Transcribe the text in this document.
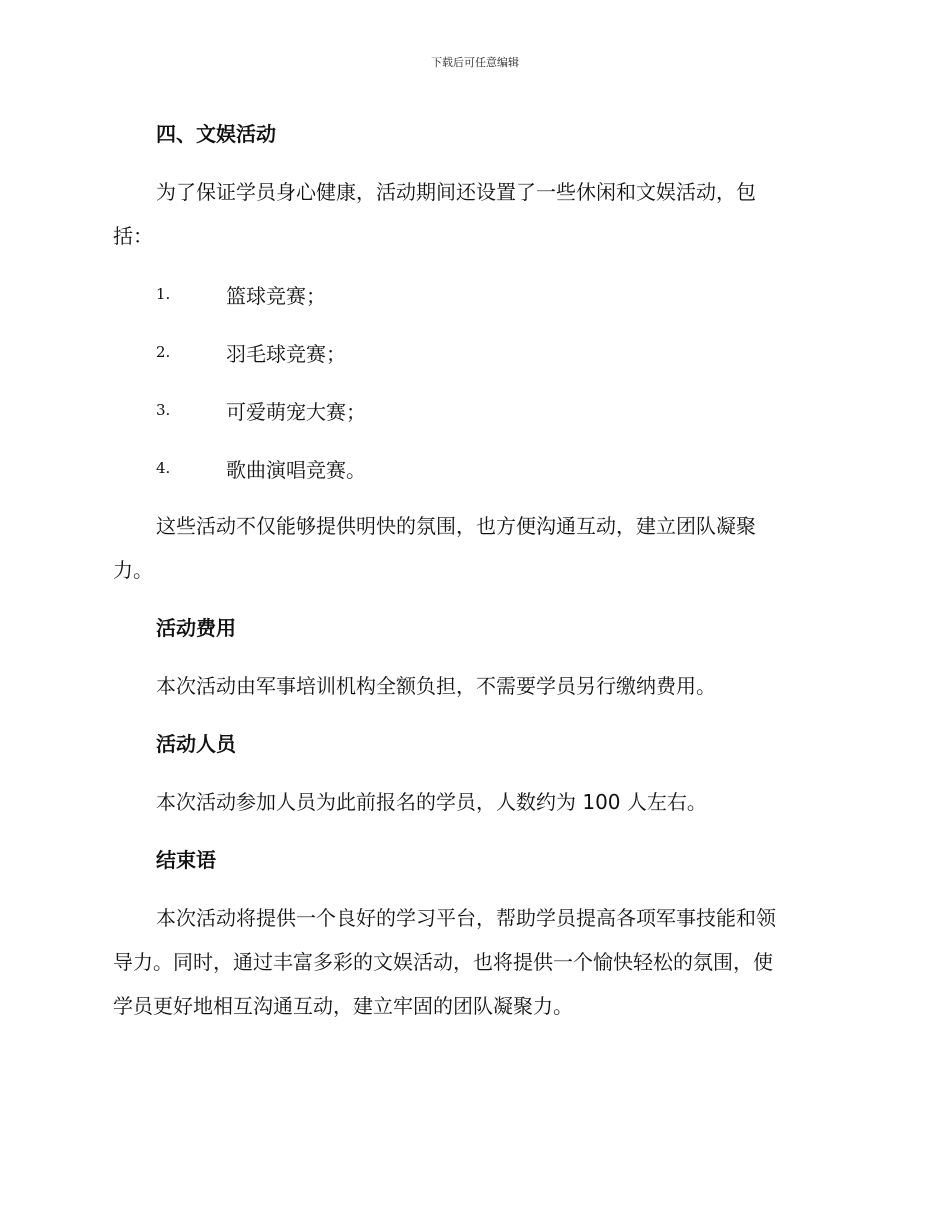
下载后可任意编辑

四、文娱活动

为了保证学员身心健康，活动期间还设置了一些休闲和文娱活动，包

括：

1.	篮球竞赛；
2.	羽毛球竞赛；
3.	可爱萌宠大赛；
4.	歌曲演唱竞赛。

这些活动不仅能够提供明快的氛围，也方便沟通互动，建立团队凝聚

力。

活动费用

本次活动由军事培训机构全额负担，不需要学员另行缴纳费用。

活动人员

本次活动参加人员为此前报名的学员，人数约为 100 人左右。

结束语

本次活动将提供一个良好的学习平台，帮助学员提高各项军事技能和领

导力。同时，通过丰富多彩的文娱活动，也将提供一个愉快轻松的氛围，使

学员更好地相互沟通互动，建立牢固的团队凝聚力。
